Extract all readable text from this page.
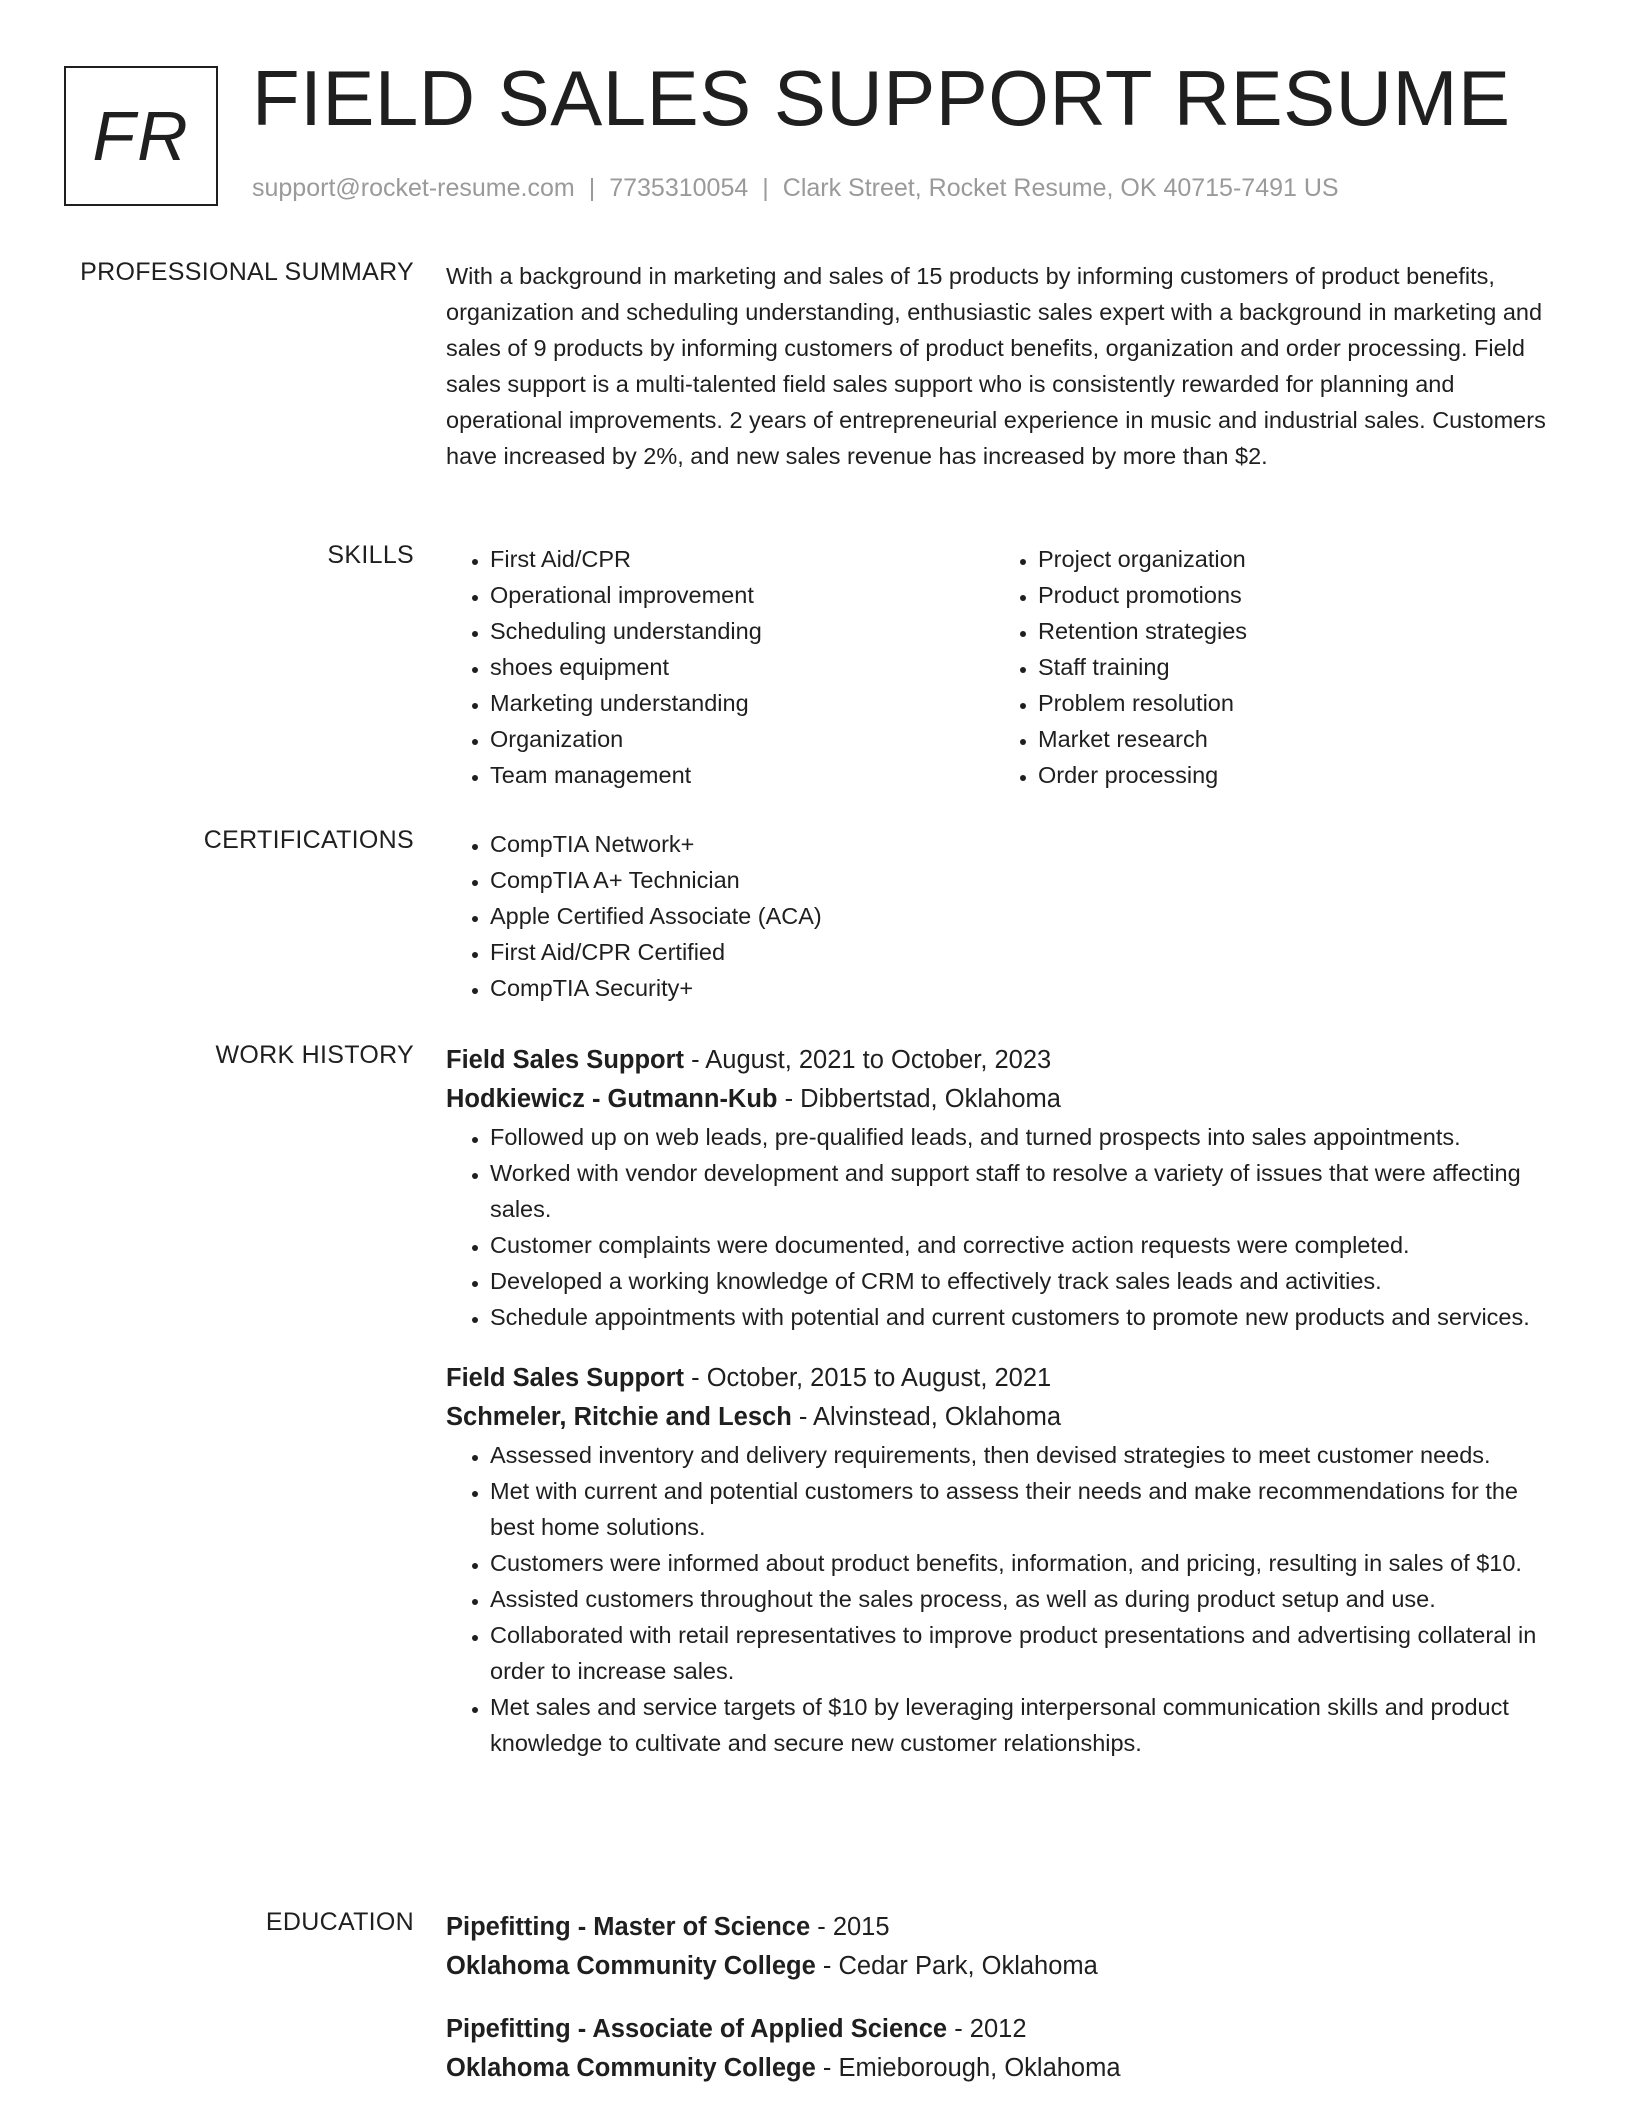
FR FIELD SALES SUPPORT RESUME
support@rocket-resume.com | 7735310054 | Clark Street, Rocket Resume, OK 40715-7491 US
PROFESSIONAL SUMMARY With a background in marketing and sales of 15 products by informing customers of product benefits, organization and scheduling understanding, enthusiastic sales expert with a background in marketing and sales of 9 products by informing customers of product benefits, organization and order processing. Field sales support is a multi-talented field sales support who is consistently rewarded for planning and operational improvements. 2 years of entrepreneurial experience in music and industrial sales. Customers have increased by 2%, and new sales revenue has increased by more than $2.

SKILLS	• First Aid/CPR
• Operational improvement
• Scheduling understanding
• shoes equipment
• Marketing understanding
• Organization
• Team management
• Project organization
• Product promotions
• Retention strategies
• Staff training
• Problem resolution
• Market research
• Order processing
CERTIFICATIONS	• CompTIA Network+
• CompTIA A+ Technician
• Apple Certified Associate (ACA)
• First Aid/CPR Certified
• CompTIA Security+
WORK HISTORY Field Sales Support - August, 2021 to October, 2023
Hodkiewicz - Gutmann-Kub - Dibbertstad, Oklahoma
• Followed up on web leads, pre-qualified leads, and turned prospects into sales appointments.
• Worked with vendor development and support staff to resolve a variety of issues that were affecting sales.
• Customer complaints were documented, and corrective action requests were completed.
• Developed a working knowledge of CRM to effectively track sales leads and activities.
• Schedule appointments with potential and current customers to promote new products and services.
Field Sales Support - October, 2015 to August, 2021
Schmeler, Ritchie and Lesch - Alvinstead, Oklahoma
• Assessed inventory and delivery requirements, then devised strategies to meet customer needs.
• Met with current and potential customers to assess their needs and make recommendations for the best home solutions.
• Customers were informed about product benefits, information, and pricing, resulting in sales of $10.
• Assisted customers throughout the sales process, as well as during product setup and use.
• Collaborated with retail representatives to improve product presentations and advertising collateral in order to increase sales.
• Met sales and service targets of $10 by leveraging interpersonal communication skills and product knowledge to cultivate and secure new customer relationships.
EDUCATION Pipefitting - Master of Science - 2015
Oklahoma Community College - Cedar Park, Oklahoma
Pipefitting - Associate of Applied Science - 2012
Oklahoma Community College - Emieborough, Oklahoma
